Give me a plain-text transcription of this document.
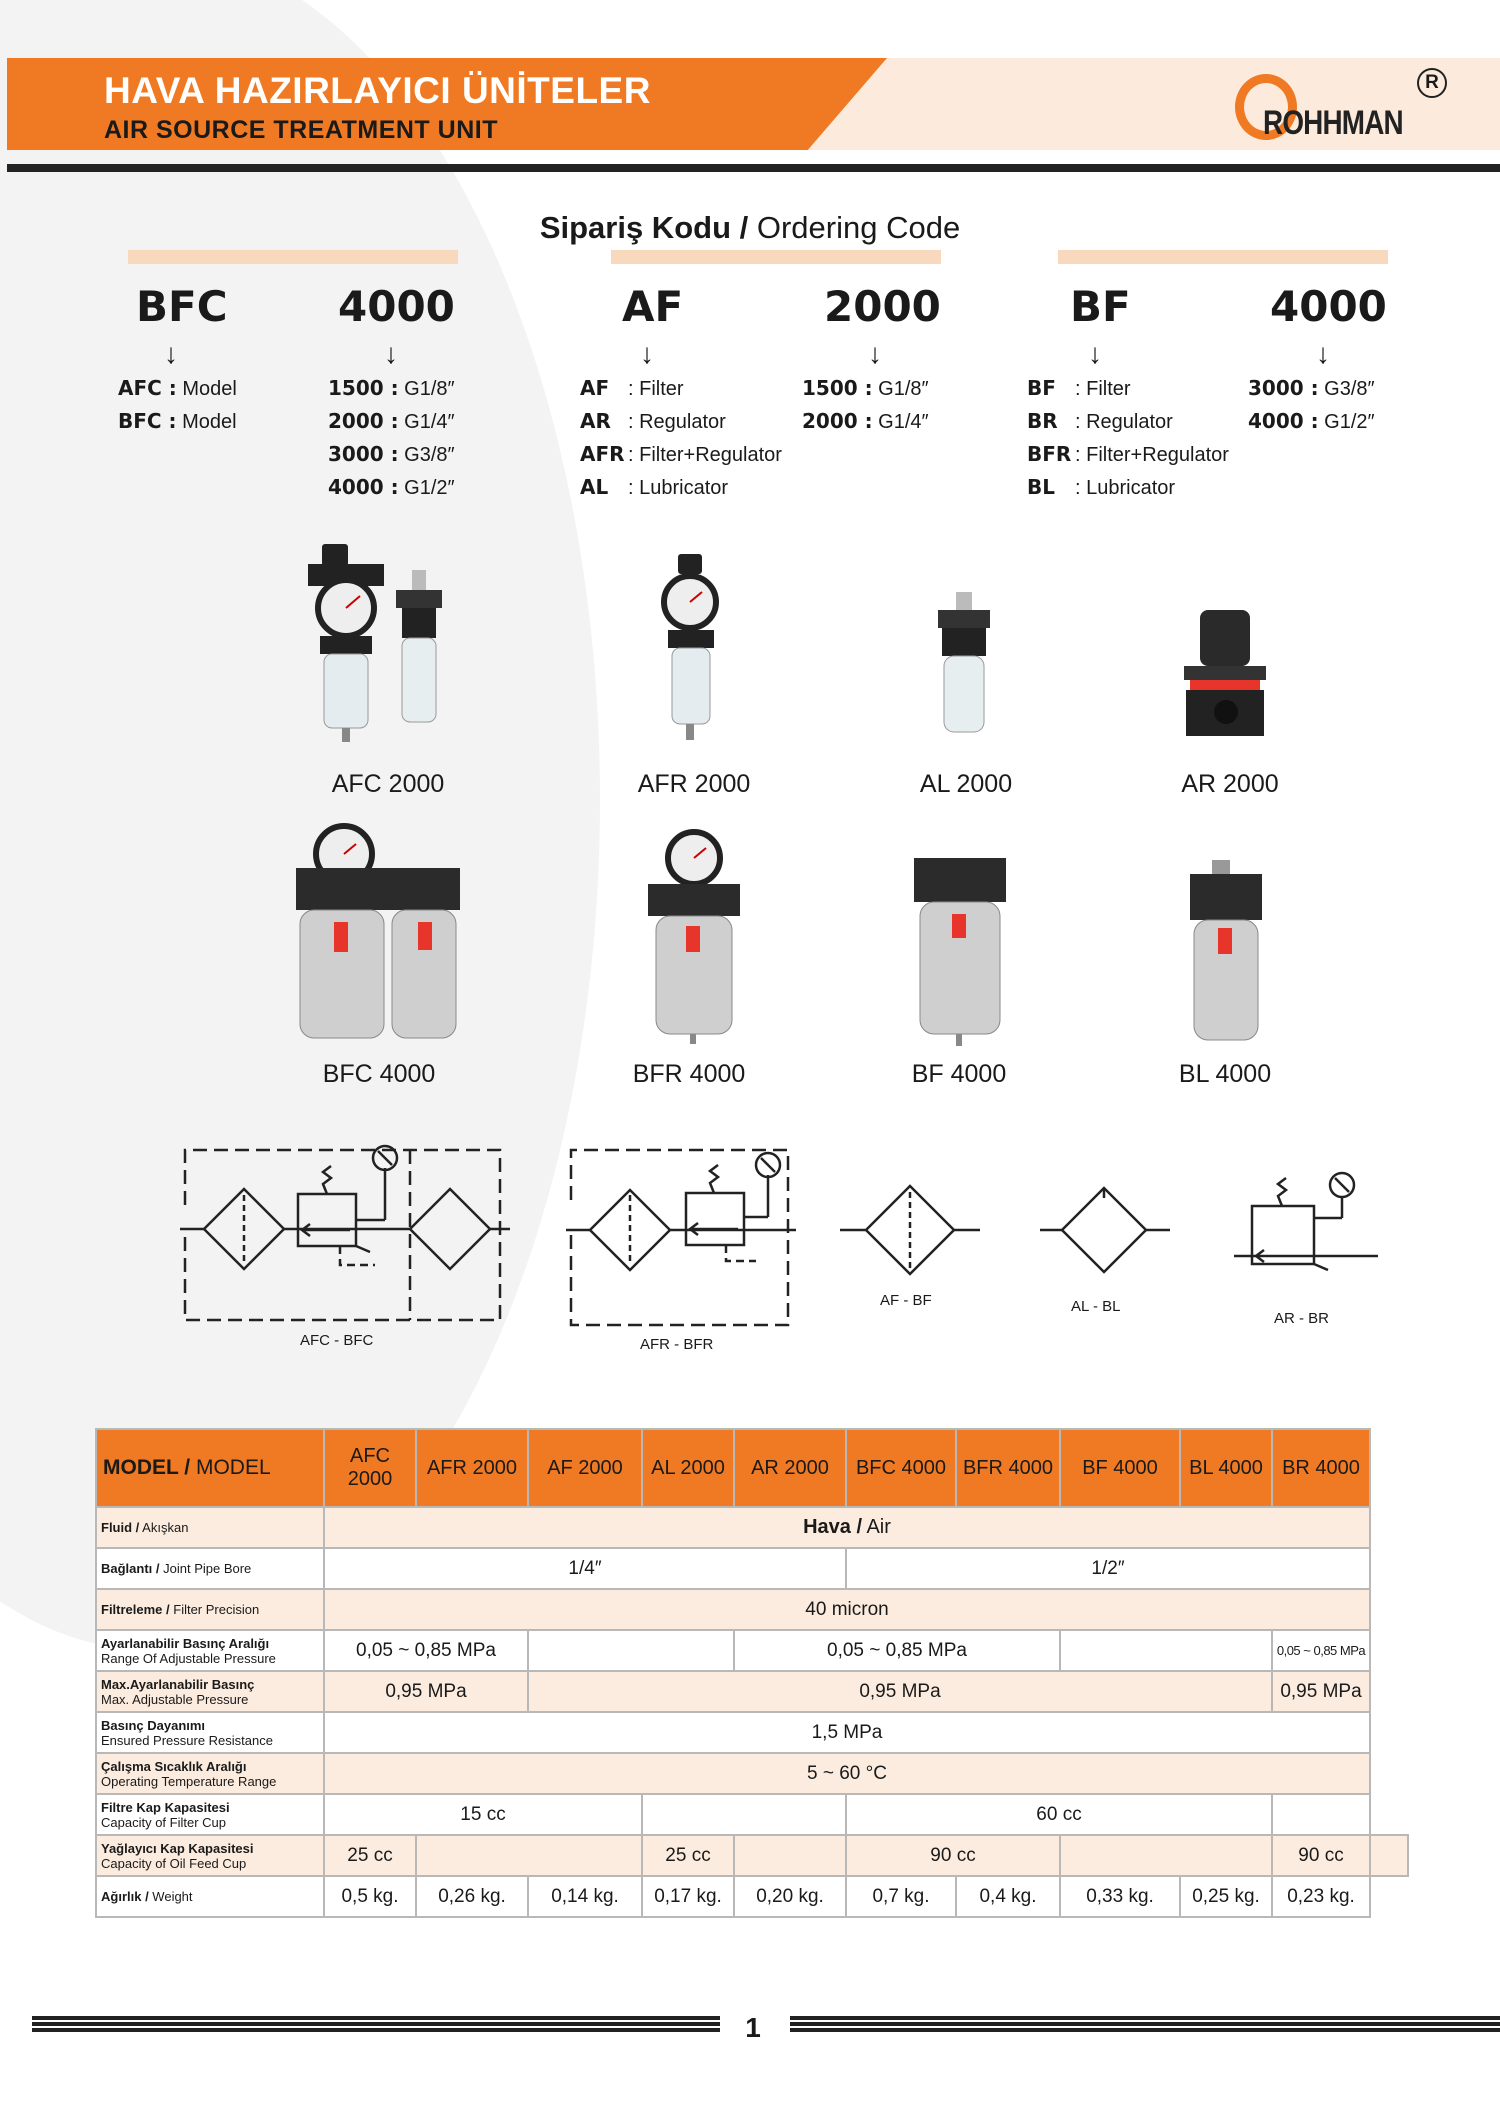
HAVA HAZIRLAYICI ÜNİTELER
AIR SOURCE TREATMENT UNIT	ROHHMAN
R
Sipariş Kodu / Ordering Code
BFC	4000
↓	↓
AFC : Model
BFC : Model
1500 : G1/8″
2000 : G1/4″
3000 : G3/8″
4000 : G1/2″
AF	2000
↓	↓
AF : Filter
AR : Regulator
AFR : Filter+Regulator
AL : Lubricator
1500 : G1/8″
2000 : G1/4″
BF	4000
↓	↓
BF : Filter
BR : Regulator
BFR : Filter+Regulator
BL : Lubricator
3000 : G3/8″
4000 : G1/2″
AFC 2000	AFR 2000	AL 2000	AR 2000
BFC 4000	BFR 4000	BF 4000	BL 4000
AFC - BFC	AFR - BFR
AF - BF	AL - BL
AR - BR
MODEL / MODEL	AFC 2000	AFR 2000	AF 2000	AL 2000	AR 2000	BFC 4000	BFR 4000	BF 4000	BL 4000	BR 4000	
Fluid / Akışkan	Hava / Air										
Bağlantı / Joint Pipe Bore	1/4″					1/2″					
Filtreleme / Filter Precision	40 micron										
Ayarlanabilir Basınç Aralığı
Range Of Adjustable Pressure	0,05 ~ 0,85 MPa				0,05 ~ 0,85 MPa					0,05 ~ 0,85 MPa	
Max.Ayarlanabilir Basınç
Max. Adjustable Pressure	0,95 MPa		0,95 MPa							0,95 MPa	
Basınç Dayanımı
Ensured Pressure Resistance	1,5 MPa										
Çalışma Sıcaklık Aralığı
Operating Temperature Range	5 ~ 60 °C										
Filtre Kap Kapasitesi
Capacity of Filter Cup	15 cc					60 cc					
Yağlayıcı Kap Kapasitesi
Capacity of Oil Feed Cup	25 cc			25 cc		90 cc				90 cc	
Ağırlık / Weight	0,5 kg.	0,26 kg.	0,14 kg.	0,17 kg.	0,20 kg.	0,7 kg.	0,4 kg.	0,33 kg.	0,25 kg.	0,23 kg.	
1
